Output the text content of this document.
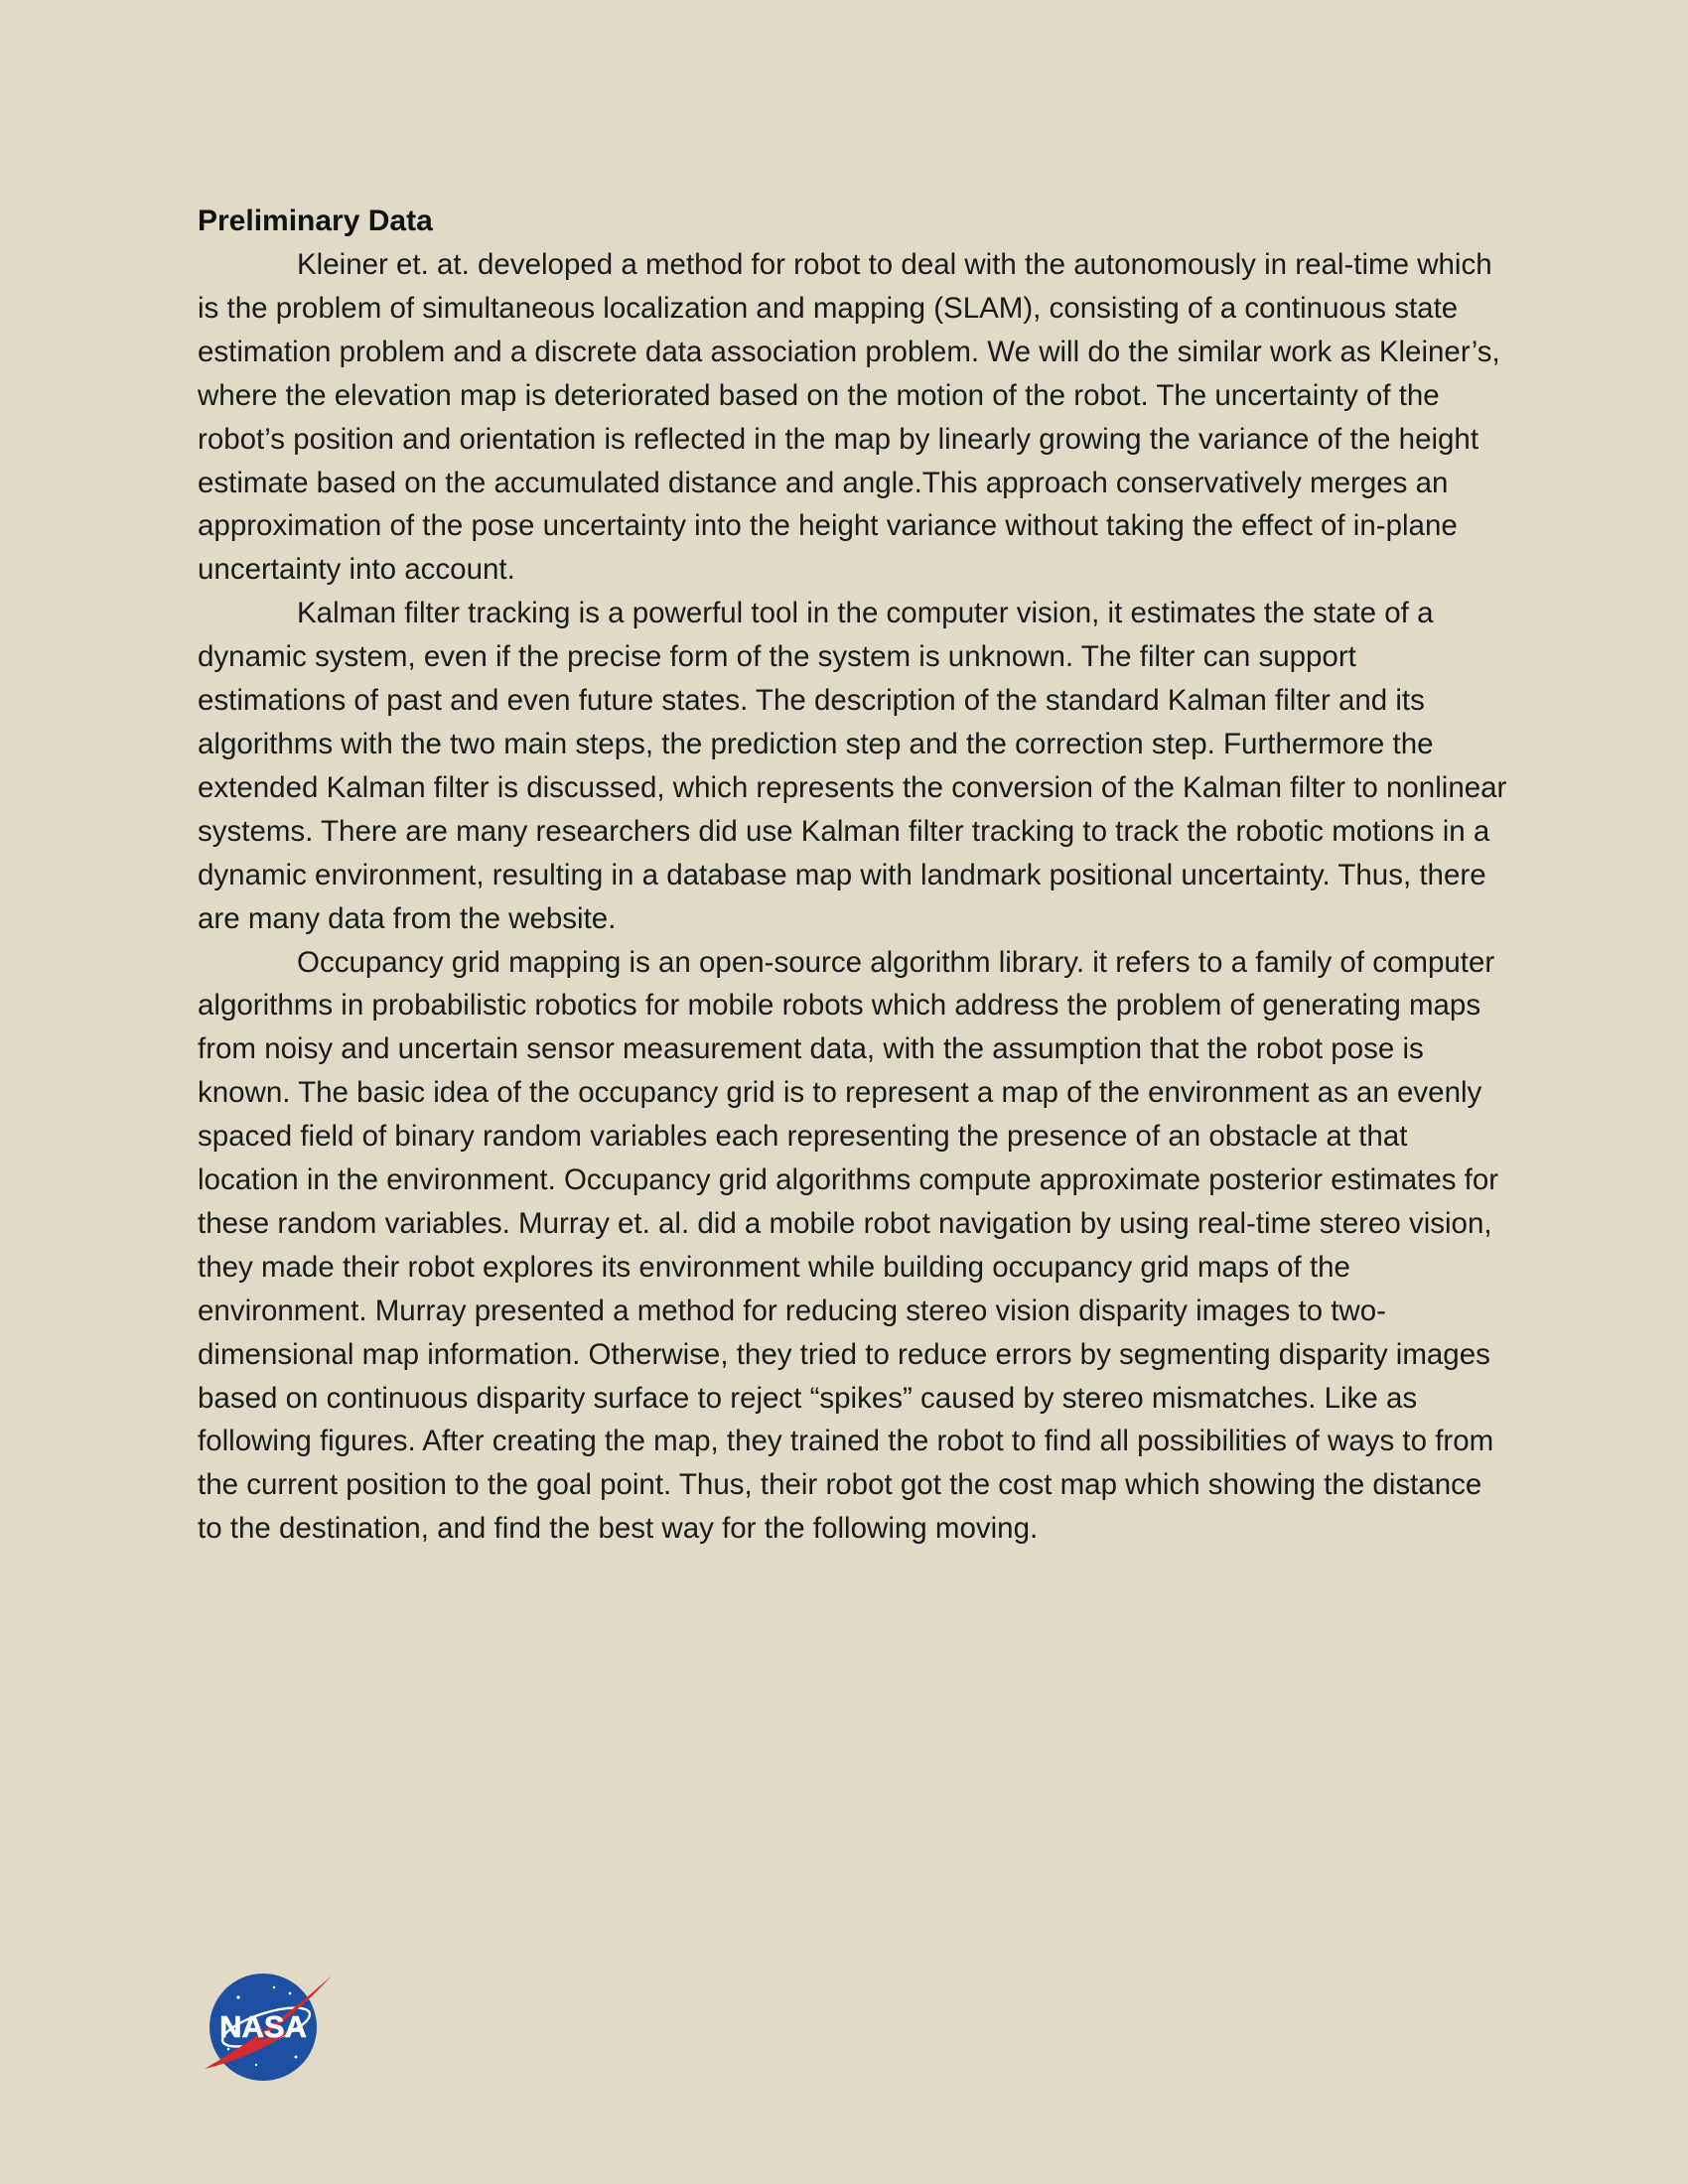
Preliminary Data

Kleiner et. at. developed a method for robot to deal with the autonomously in real-time which is the problem of simultaneous localization and mapping (SLAM), consisting of a continuous state estimation problem and a discrete data association problem. We will do the similar work as Kleiner’s, where the elevation map is deteriorated based on the motion of the robot. The uncertainty of the robot’s position and orientation is reflected in the map by linearly growing the variance of the height estimate based on the accumulated distance and angle.This approach conservatively merges an approximation of the pose uncertainty into the height variance without taking the effect of in-plane uncertainty into account.

Kalman filter tracking is a powerful tool in the computer vision, it estimates the state of a dynamic system, even if the precise form of the system is unknown. The filter can support estimations of past and even future states. The description of the standard Kalman filter and its algorithms with the two main steps, the prediction step and the correction step. Furthermore the extended Kalman filter is discussed, which represents the conversion of the Kalman filter to nonlinear systems. There are many researchers did use Kalman filter tracking to track the robotic motions in a dynamic environment, resulting in a database map with landmark positional uncertainty. Thus, there are many data from the website.

Occupancy grid mapping is an open-source algorithm library. it refers to a family of computer algorithms in probabilistic robotics for mobile robots which address the problem of generating maps from noisy and uncertain sensor measurement data, with the assumption that the robot pose is known. The basic idea of the occupancy grid is to represent a map of the environment as an evenly spaced field of binary random variables each representing the presence of an obstacle at that location in the environment. Occupancy grid algorithms compute approximate posterior estimates for these random variables. Murray et. al. did a mobile robot navigation by using real-time stereo vision, they made their robot explores its environment while building occupancy grid maps of the environment. Murray presented a method for reducing stereo vision disparity images to two-dimensional map information. Otherwise, they tried to reduce errors by segmenting disparity images based on continuous disparity surface to reject “spikes” caused by stereo mismatches. Like as following figures. After creating the map, they trained the robot to find all possibilities of ways to from the current position to the goal point. Thus, their robot got the cost map which showing the distance to the destination, and find the best way for the following moving.

NASA
